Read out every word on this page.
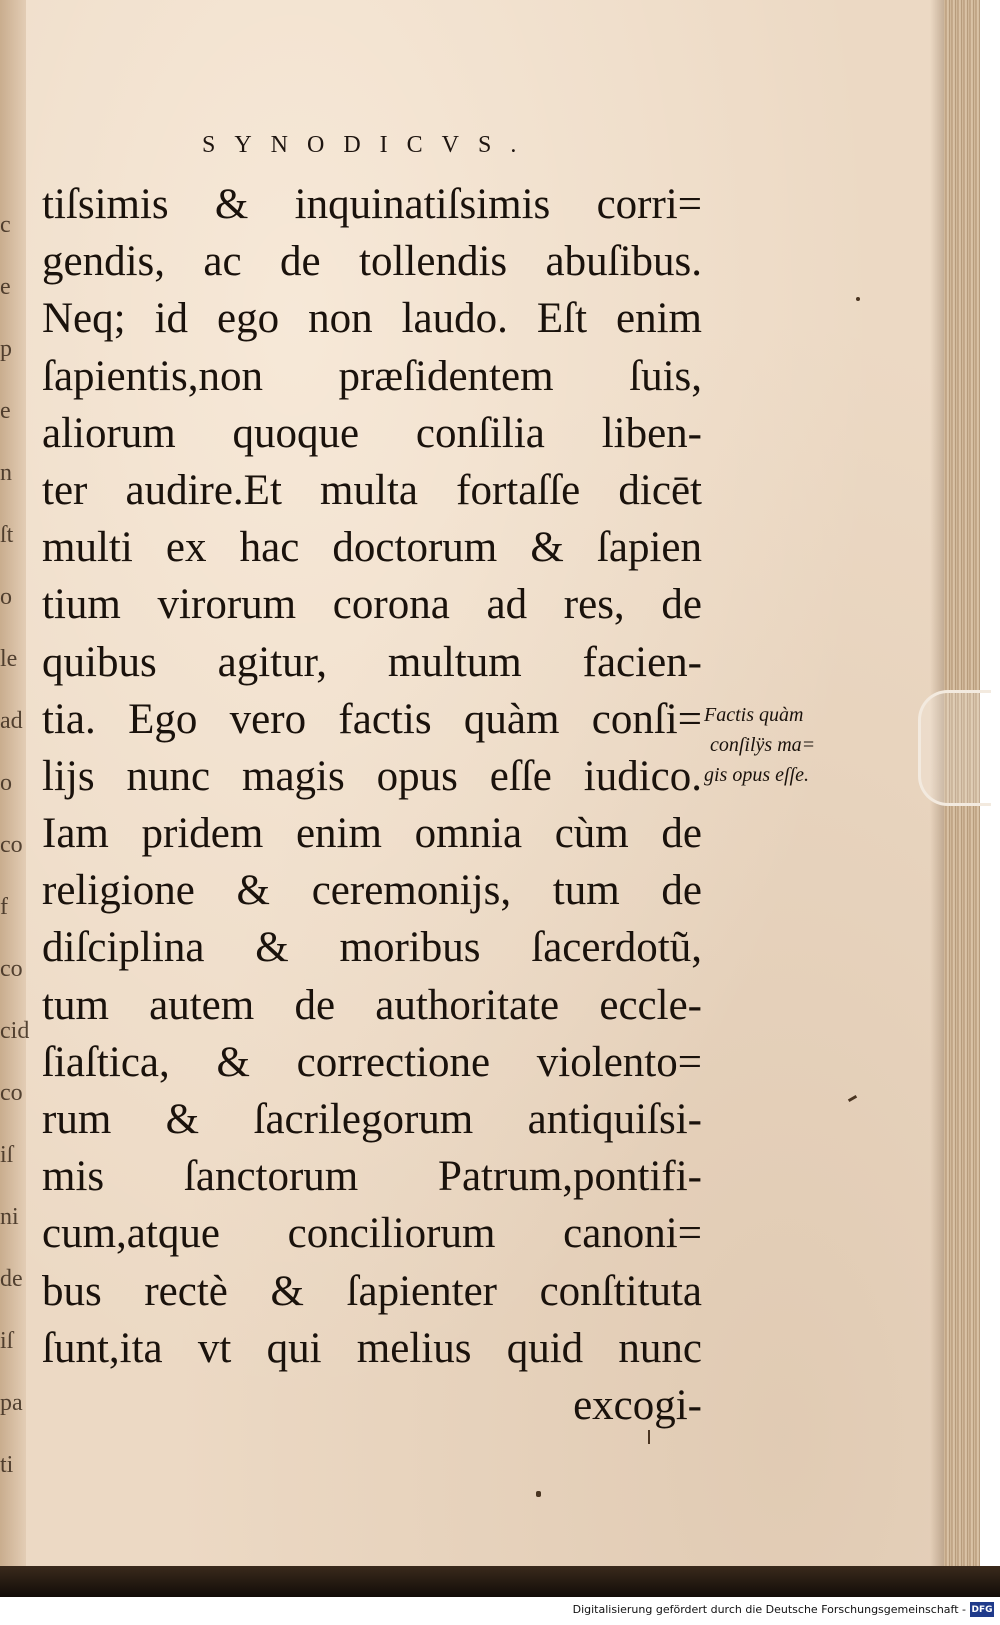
c
e
p
e
n
ſt
o
le
ad
o
co
f
co
cid
co
iſ
ni
de
iſ
pa
ti
SYNODICVS.
tiſsimis & inquinatiſsimis corri=
gendis, ac de tollendis abuſibus.
Neq; id ego non laudo. Eſt enim
ſapientis,non præſidentem ſuis,
aliorum quoque conſilia liben-
ter audire.Et multa fortaſſe dicēt
multi ex hac doctorum & ſapien
tium virorum corona ad res, de
quibus agitur, multum facien-
tia. Ego vero factis quàm conſi=
lijs nunc magis opus eſſe iudico.
Iam pridem enim omnia cùm de
religione & ceremonijs, tum de
diſciplina & moribus ſacerdotũ,
tum autem de authoritate eccle-
ſiaſtica, & correctione violento=
rum & ſacrilegorum antiquiſsi-
mis ſanctorum Patrum,pontifi-
cum,atque conciliorum canoni=
bus rectè & ſapienter conſtituta
ſunt,ita vt qui melius quid nunc
excogi-
Factis quàm
conſilÿs ma=
gis opus eſſe.
Digitalisierung gefördert durch die Deutsche Forschungsgemeinschaft - DFG
